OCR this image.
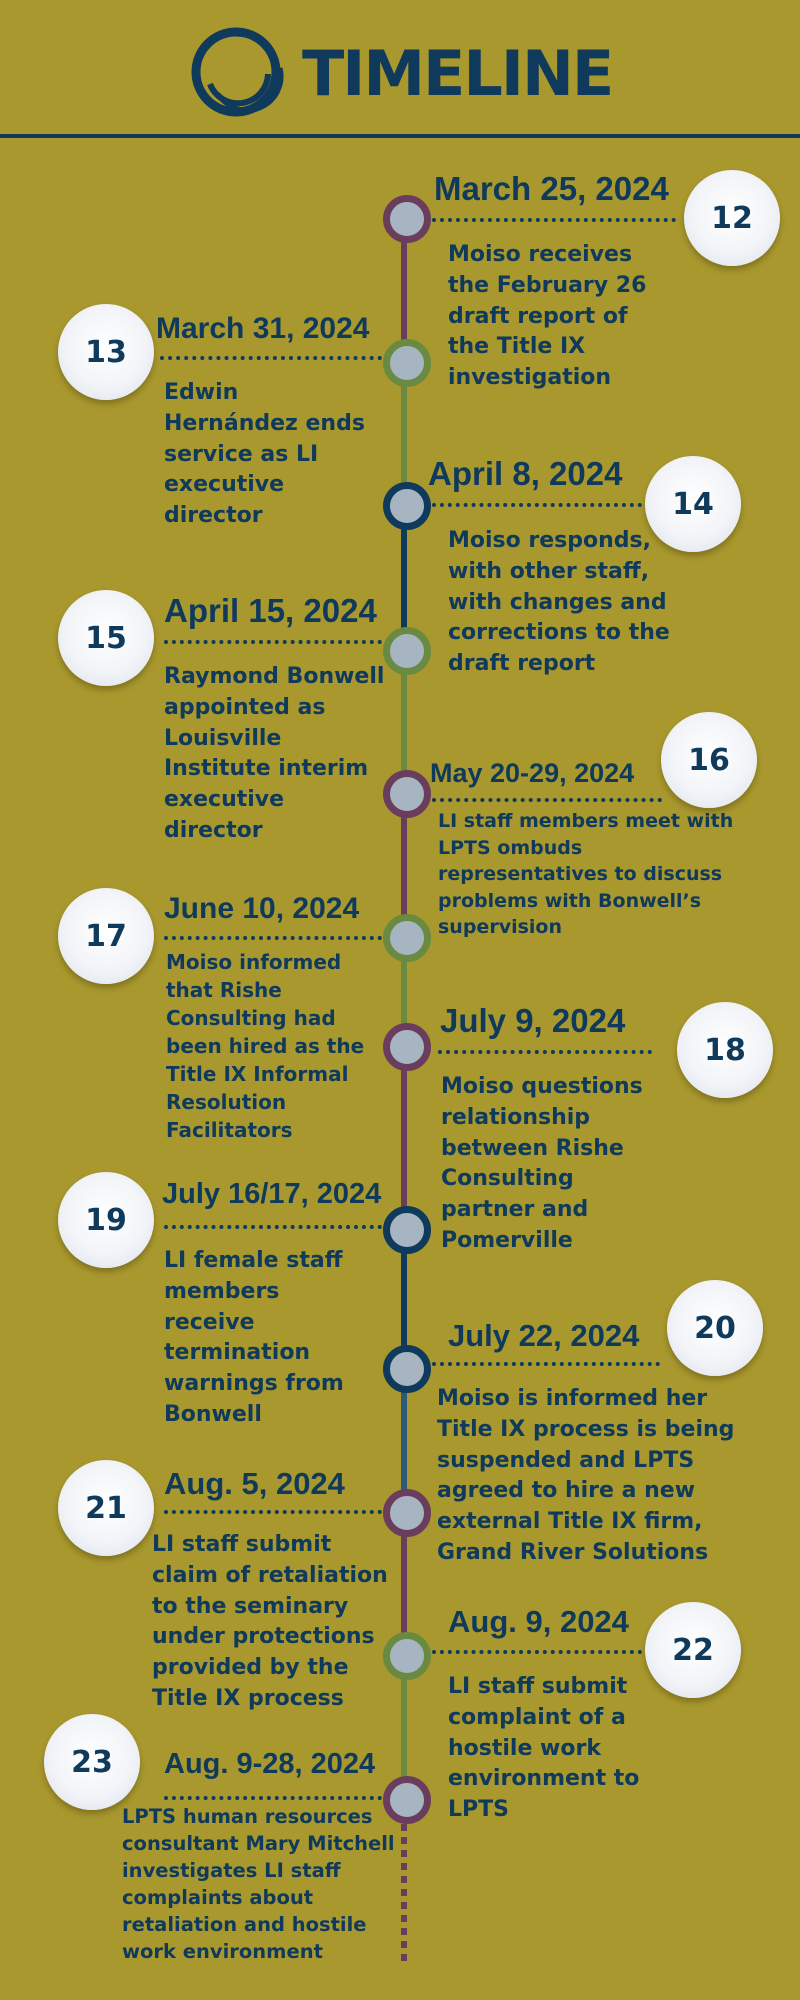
TIMELINE
March 25, 2024
12
Moiso receives the February 26 draft report of the Title IX investigation
March 31, 2024
13
Edwin Hernández ends service as LI executive director
April 8, 2024
14
Moiso responds, with other staff, with changes and corrections to the draft report
April 15, 2024
15
Raymond Bonwell appointed as Louisville Institute interim executive director
May 20-29, 2024	16
LI staff members meet with LPTS ombuds representatives to discuss problems with Bonwell’s supervision
June 10, 2024
17
Moiso informed that Rishe Consulting had been hired as the Title IX Informal Resolution Facilitators
July 9, 2024
18
Moiso questions relationship between Rishe Consulting partner and Pomerville
July 16/17, 2024
19
LI female staff members receive termination warnings from Bonwell
July 22, 2024	20
Moiso is informed her Title IX process is being suspended and LPTS agreed to hire a new external Title IX firm, Grand River Solutions
Aug. 5, 2024
21
LI staff submit claim of retaliation to the seminary under protections provided by the Title IX process
Aug. 9, 2024
22
LI staff submit complaint of a hostile work environment to LPTS
Aug. 9-28, 2024
23
LPTS human resources consultant Mary Mitchell investigates LI staff complaints about retaliation and hostile work environment
